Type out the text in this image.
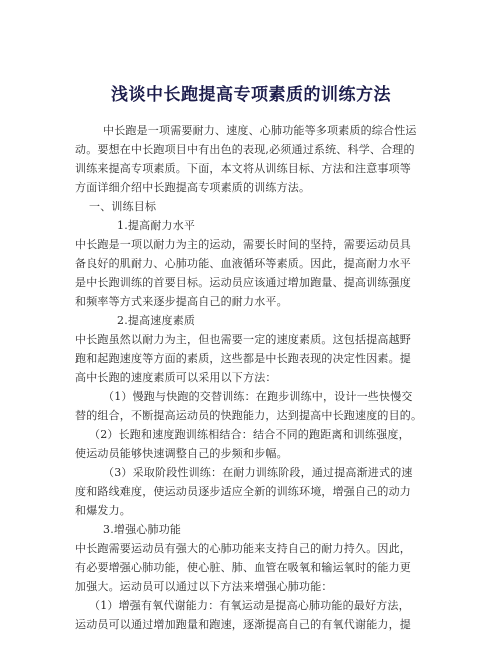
浅谈中长跑提高专项素质的训练方法
中长跑是一项需要耐力、速度、心肺功能等多项素质的综合性运
动。要想在中长跑项目中有出色的表现,必须通过系统、科学、合理的
训练来提高专项素质。下面，本文将从训练目标、方法和注意事项等
方面详细介绍中长跑提高专项素质的训练方法。
一、训练目标
1.提高耐力水平
中长跑是一项以耐力为主的运动，需要长时间的坚持，需要运动员具
备良好的肌耐力、心肺功能、血液循环等素质。因此，提高耐力水平
是中长跑训练的首要目标。运动员应该通过增加跑量、提高训练强度
和频率等方式来逐步提高自己的耐力水平。
2.提高速度素质
中长跑虽然以耐力为主，但也需要一定的速度素质。这包括提高越野
跑和起跑速度等方面的素质，这些都是中长跑表现的决定性因素。提
高中长跑的速度素质可以采用以下方法：
（1）慢跑与快跑的交替训练：在跑步训练中，设计一些快慢交
替的组合，不断提高运动员的快跑能力，达到提高中长跑速度的目的。
（2）长跑和速度跑训练相结合：结合不同的跑距离和训练强度，
使运动员能够快速调整自己的步频和步幅。
（3）采取阶段性训练：在耐力训练阶段，通过提高渐进式的速
度和路线难度，使运动员逐步适应全新的训练环境，增强自己的动力
和爆发力。
3.增强心肺功能
中长跑需要运动员有强大的心肺功能来支持自己的耐力持久。因此，
有必要增强心肺功能，使心脏、肺、血管在吸氧和输运氧时的能力更
加强大。运动员可以通过以下方法来增强心肺功能：
（1）增强有氧代谢能力：有氧运动是提高心肺功能的最好方法，
运动员可以通过增加跑量和跑速，逐渐提高自己的有氧代谢能力，提
